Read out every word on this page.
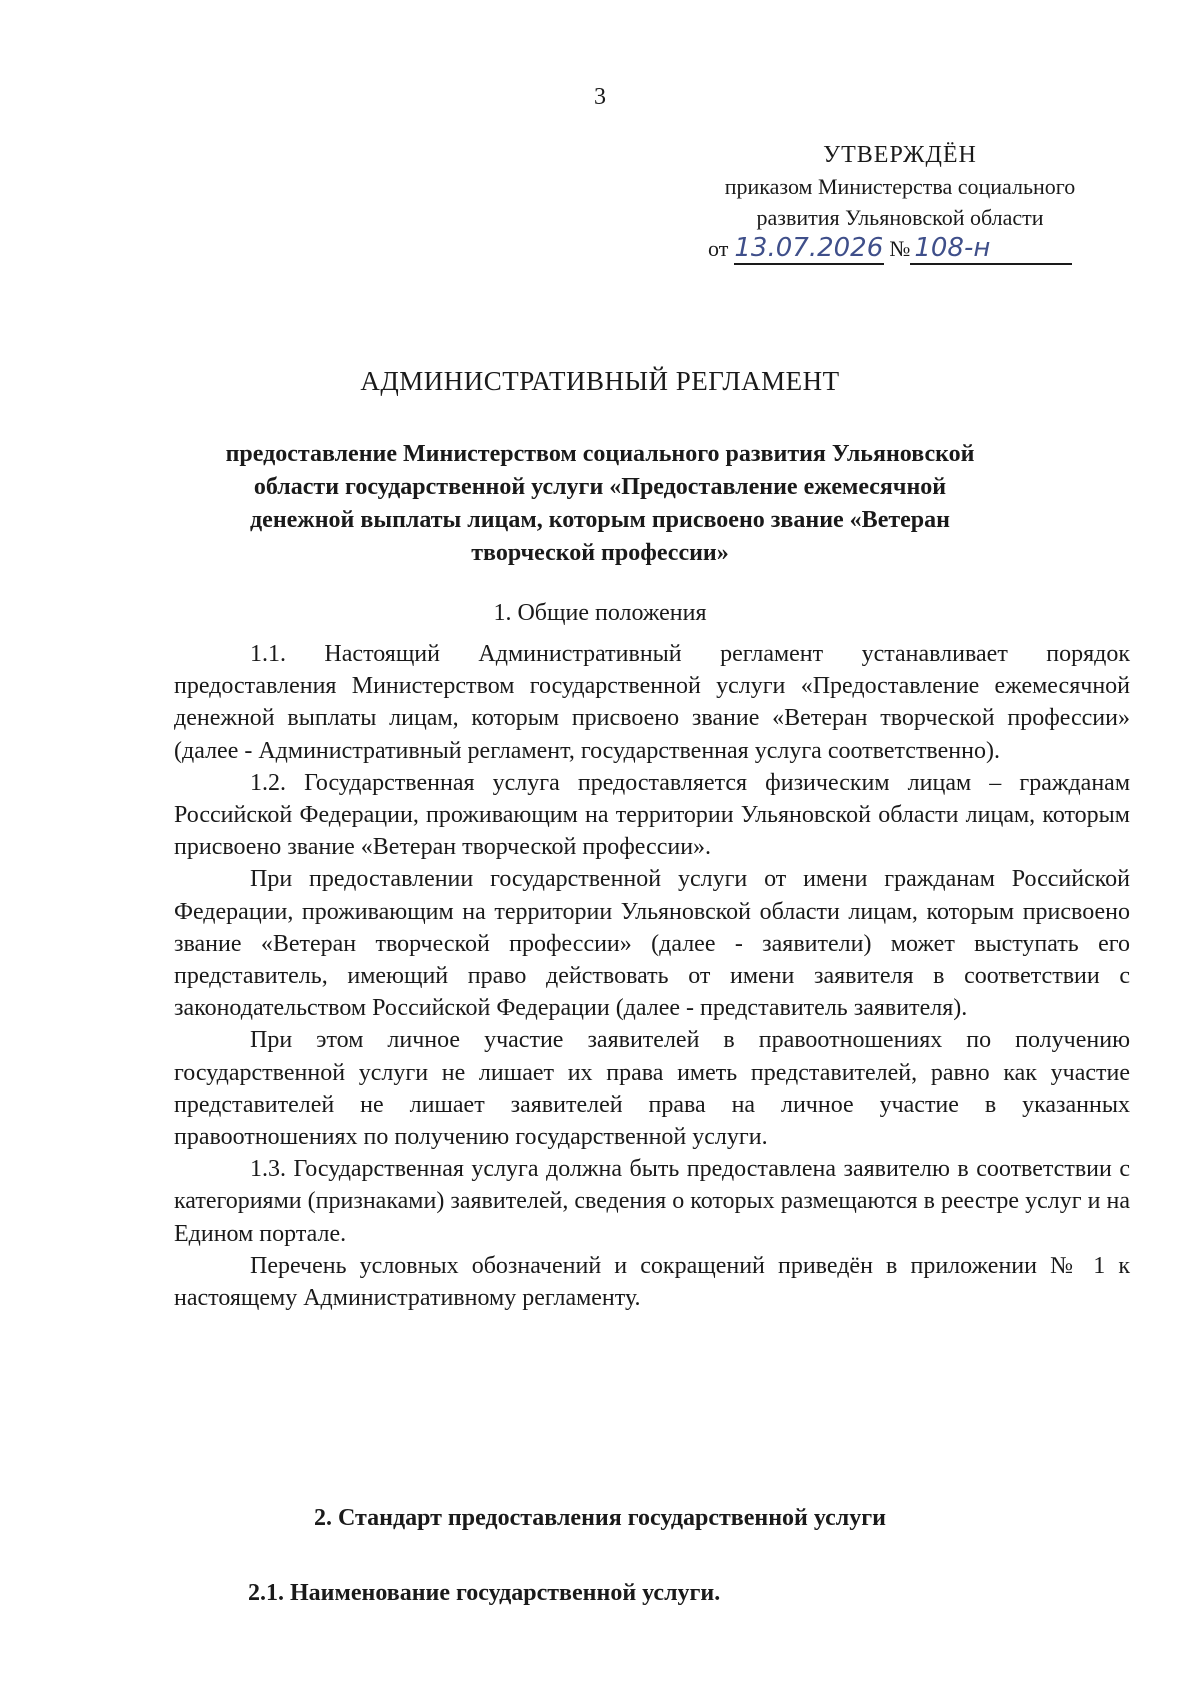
3
УТВЕРЖДЁН
приказом Министерства социального
развития Ульяновской области
от 13.07.2026 № 108-н
АДМИНИСТРАТИВНЫЙ РЕГЛАМЕНТ
предоставление Министерством социального развития Ульяновской области государственной услуги «Предоставление ежемесячной денежной выплаты лицам, которым присвоено звание «Ветеран творческой профессии»
1. Общие положения

1.1. Настоящий Административный регламент устанавливает порядок предоставления Министерством государственной услуги «Предоставление ежемесячной денежной выплаты лицам, которым присвоено звание «Ветеран творческой профессии» (далее - Административный регламент, государственная услуга соответственно).

1.2. Государственная услуга предоставляется физическим лицам – гражданам Российской Федерации, проживающим на территории Ульяновской области лицам, которым присвоено звание «Ветеран творческой профессии».

При предоставлении государственной услуги от имени гражданам Российской Федерации, проживающим на территории Ульяновской области лицам, которым присвоено звание «Ветеран творческой профессии» (далее - заявители) может выступать его представитель, имеющий право действовать от имени заявителя в соответствии с законодательством Российской Федерации (далее - представитель заявителя).

При этом личное участие заявителей в правоотношениях по получению государственной услуги не лишает их права иметь представителей, равно как участие представителей не лишает заявителей права на личное участие в указанных правоотношениях по получению государственной услуги.

1.3. Государственная услуга должна быть предоставлена заявителю в соответствии с категориями (признаками) заявителей, сведения о которых размещаются в реестре услуг и на Едином портале.

Перечень условных обозначений и сокращений приведён в приложении № 1 к настоящему Административному регламенту.

2. Стандарт предоставления государственной услуги
2.1. Наименование государственной услуги.
